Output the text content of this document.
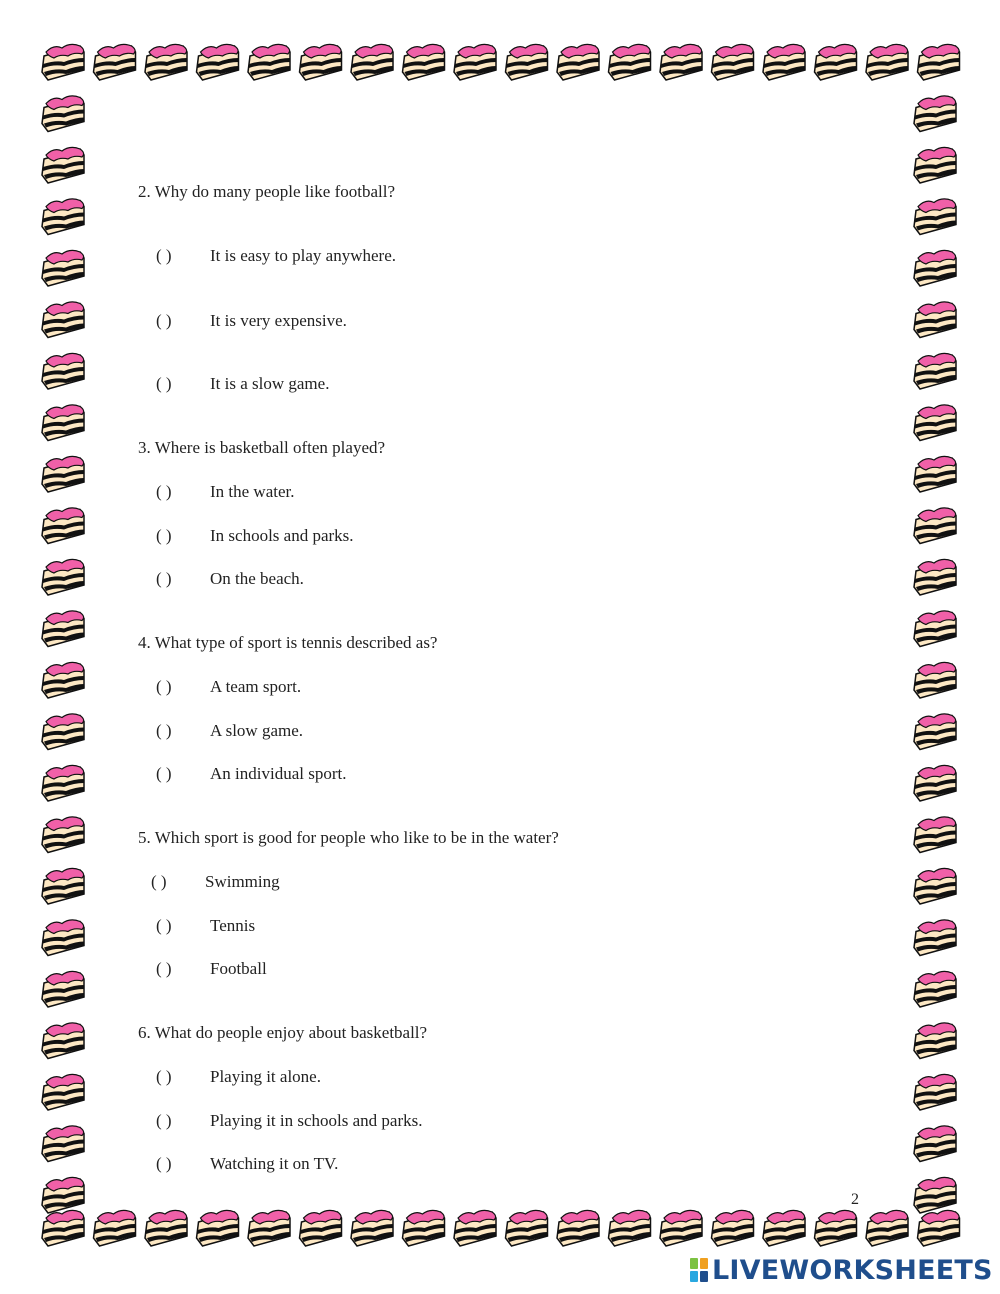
2. Why do many people like football?
( ) It is easy to play anywhere.
( ) It is very expensive.
( ) It is a slow game.
3. Where is basketball often played?
( ) In the water.
( ) In schools and parks.
( ) On the beach.
4. What type of sport is tennis described as?
( ) A team sport.
( ) A slow game.
( ) An individual sport.
5. Which sport is good for people who like to be in the water?
( ) Swimming
( ) Tennis
( ) Football
6. What do people enjoy about basketball?
( ) Playing it alone.
( ) Playing it in schools and parks.
( ) Watching it on TV.
2
LIVEWORKSHEETS
